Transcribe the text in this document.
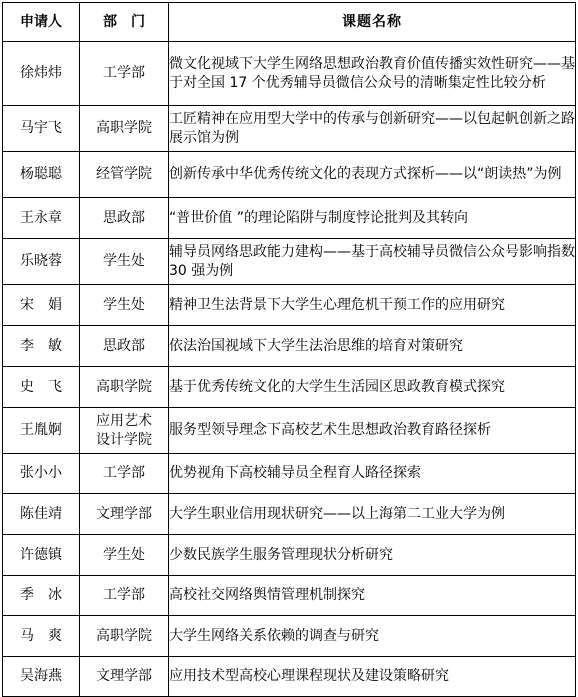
申请人	部　门	课题名称
徐炜炜	工学部	微文化视域下大学生网络思想政治教育价值传播实效性研究——基于对全国 17 个优秀辅导员微信公众号的清晰集定性比较分析
马宇飞	高职学院	工匠精神在应用型大学中的传承与创新研究——以包起帆创新之路展示馆为例
杨聪聪	经管学院	创新传承中华优秀传统文化的表现方式探析——以“朗读热”为例
王永章	思政部	“普世价值 ”的理论陷阱与制度悖论批判及其转向
乐晓蓉	学生处	辅导员网络思政能力建构——基于高校辅导员微信公众号影响指数 30 强为例
宋　娟	学生处	精神卫生法背景下大学生心理危机干预工作的应用研究
李　敏	思政部	依法治国视域下大学生法治思维的培育对策研究
史　飞	高职学院	基于优秀传统文化的大学生生活园区思政教育模式探究
王胤婀	应用艺术设计学院	服务型领导理念下高校艺术生思想政治教育路径探析
张小小	工学部	优势视角下高校辅导员全程育人路径探索
陈佳靖	文理学部	大学生职业信用现状研究——以上海第二工业大学为例
许德镇	学生处	少数民族学生服务管理现状分析研究
季　冰	工学部	高校社交网络舆情管理机制探究
马　爽	高职学院	大学生网络关系依赖的调查与研究
吴海燕	文理学部	应用技术型高校心理课程现状及建设策略研究
